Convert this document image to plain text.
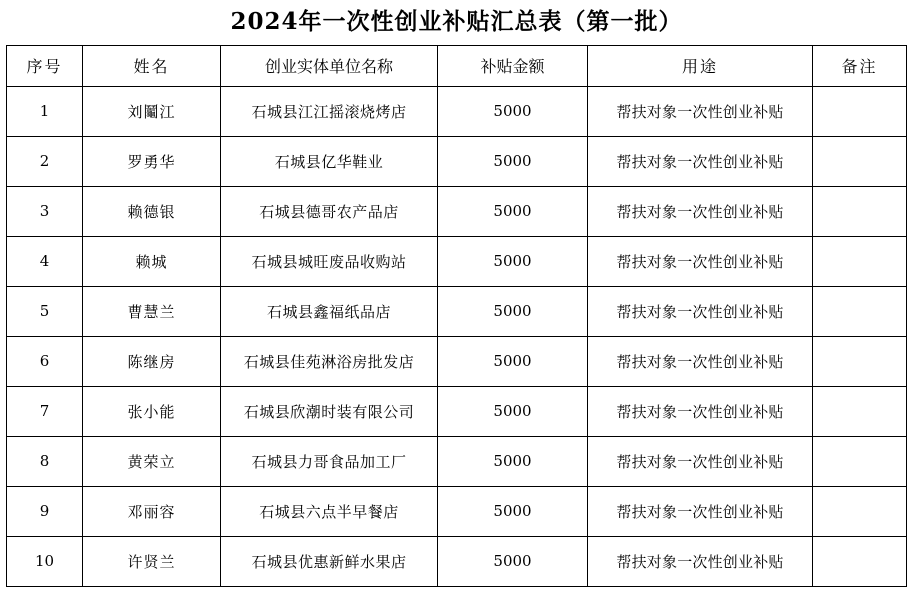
2024年一次性创业补贴汇总表（第一批）
序号	姓名	创业实体单位名称	补贴金额	用途	备注
1	刘鬮江	石城县江江摇滚烧烤店	5000	帮扶对象一次性创业补贴	
2	罗勇华	石城县亿华鞋业	5000	帮扶对象一次性创业补贴	
3	赖德银	石城县德哥农产品店	5000	帮扶对象一次性创业补贴	
4	赖城	石城县城旺废品收购站	5000	帮扶对象一次性创业补贴	
5	曹慧兰	石城县鑫福纸品店	5000	帮扶对象一次性创业补贴	
6	陈继房	石城县佳苑淋浴房批发店	5000	帮扶对象一次性创业补贴	
7	张小能	石城县欣潮时装有限公司	5000	帮扶对象一次性创业补贴	
8	黄荣立	石城县力哥食品加工厂	5000	帮扶对象一次性创业补贴	
9	邓丽容	石城县六点半早餐店	5000	帮扶对象一次性创业补贴	
10	许贤兰	石城县优惠新鲜水果店	5000	帮扶对象一次性创业补贴	
